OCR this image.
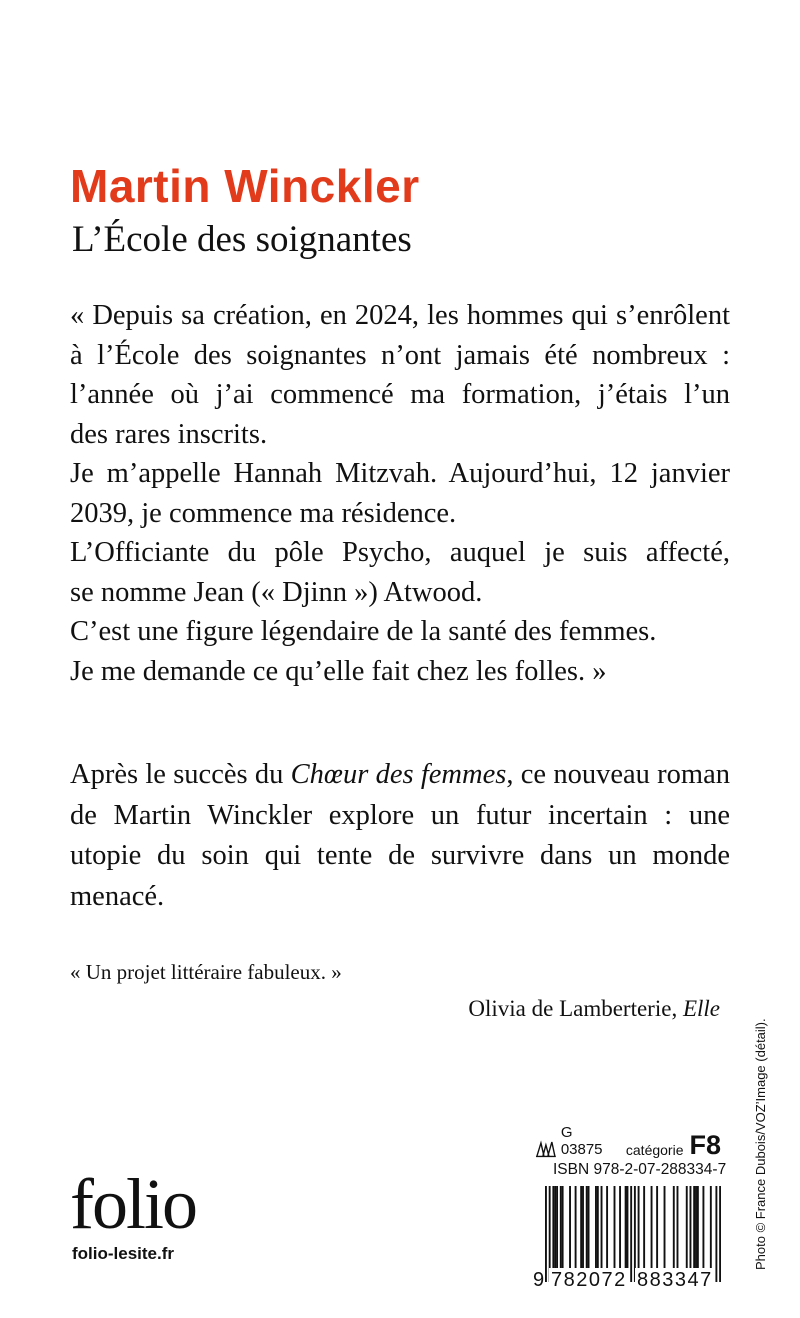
Martin Winckler
L’École des soignantes
« Depuis sa création, en 2024, les hommes qui s’enrôlent
à l’École des soignantes n’ont jamais été nombreux :
l’année où j’ai commencé ma formation, j’étais l’un
des rares inscrits.
Je m’appelle Hannah Mitzvah. Aujourd’hui, 12 janvier
2039, je commence ma résidence.
L’Officiante du pôle Psycho, auquel je suis affecté,
se nomme Jean (« Djinn ») Atwood.
C’est une figure légendaire de la santé des femmes.
Je me demande ce qu’elle fait chez les folles. »
Après le succès du Chœur des femmes, ce nouveau roman
de Martin Winckler explore un futur incertain : une
utopie du soin qui tente de survivre dans un monde
menacé.
« Un projet littéraire fabuleux. »
Olivia de Lamberterie, Elle
Photo © France Dubois/VOZ’Image (détail).
folio
folio-lesite.fr
G 03875	catégorie F8
ISBN 978-2-07-288334-7
9 782072 883347
